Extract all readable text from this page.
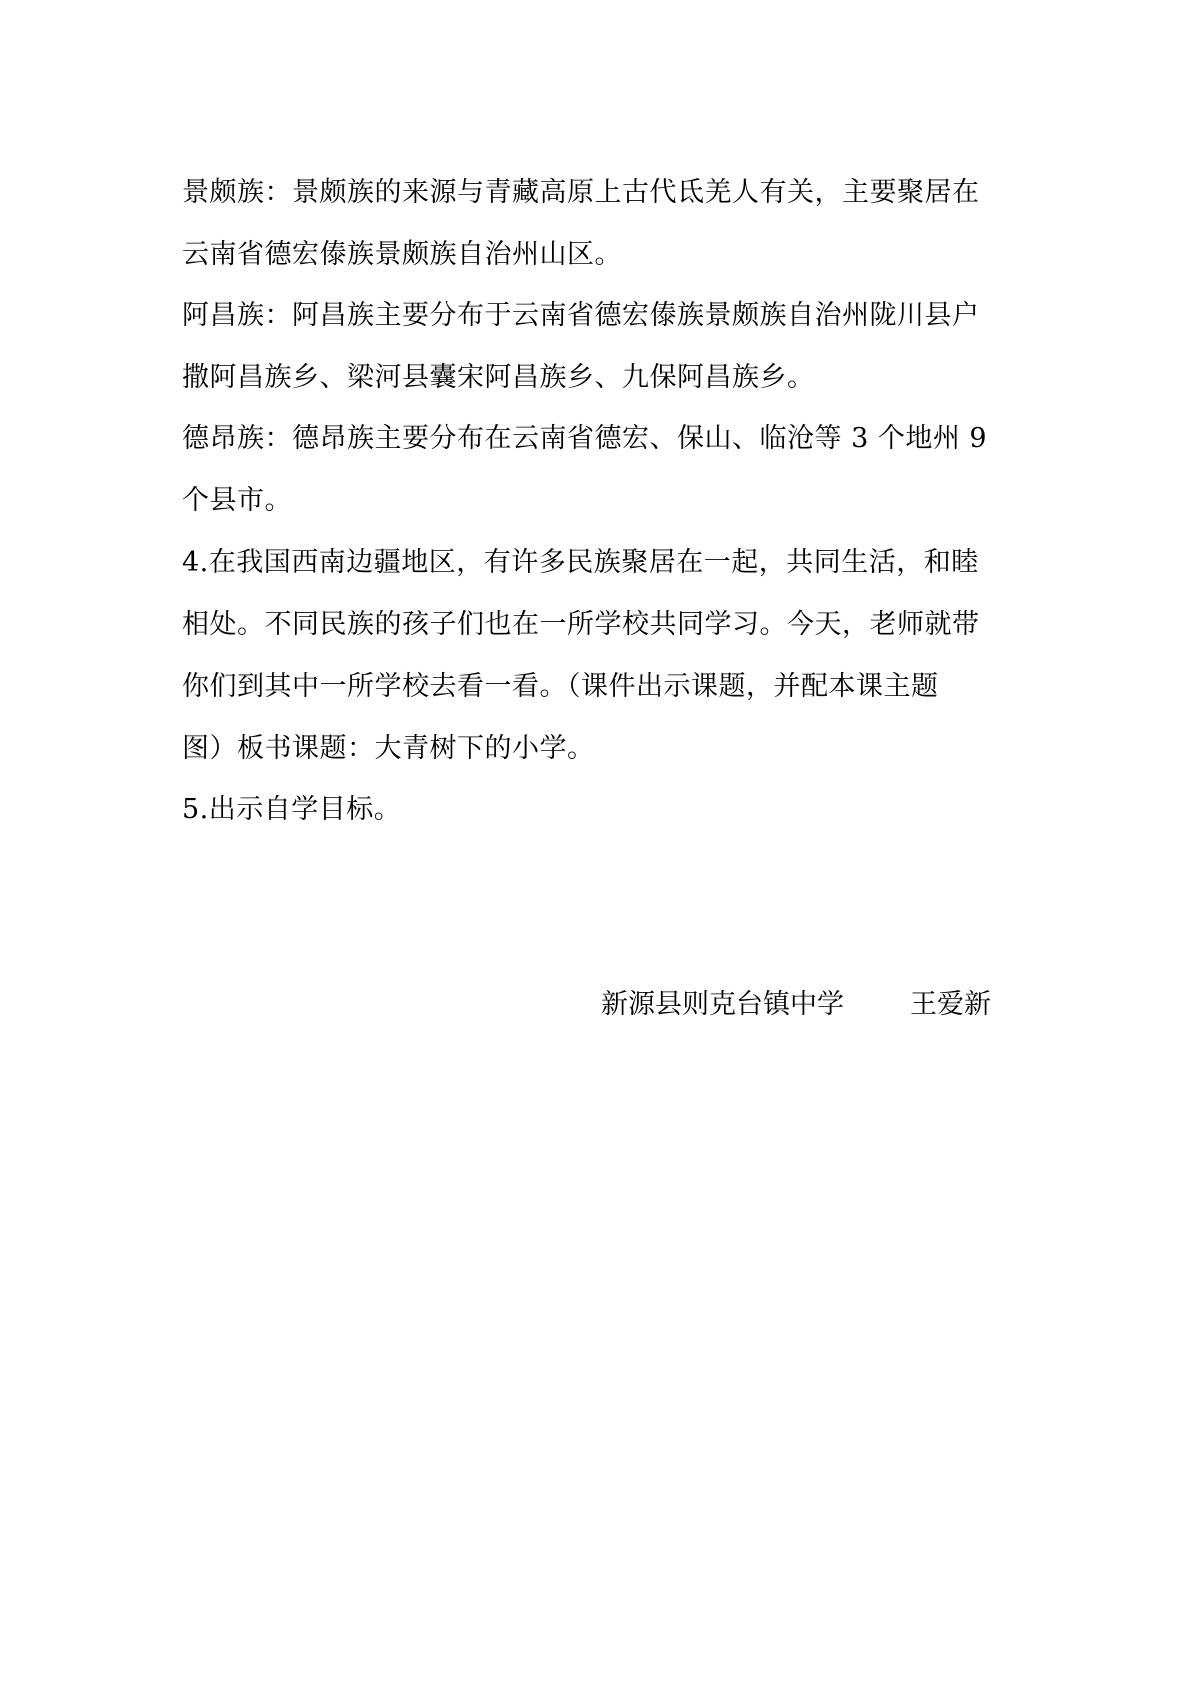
景颇族：景颇族的来源与青藏高原上古代氐羌人有关，主要聚居在
云南省德宏傣族景颇族自治州山区。
阿昌族：阿昌族主要分布于云南省德宏傣族景颇族自治州陇川县户
撒阿昌族乡、梁河县囊宋阿昌族乡、九保阿昌族乡。
德昂族：德昂族主要分布在云南省德宏、保山、临沧等 3 个地州 9
个县市。
4.在我国西南边疆地区，有许多民族聚居在一起，共同生活，和睦
相处。不同民族的孩子们也在一所学校共同学习。今天，老师就带
你们到其中一所学校去看一看。（课件出示课题，并配本课主题
图）板书课题：大青树下的小学。
5.出示自学目标。
新源县则克台镇中学 王爱新
